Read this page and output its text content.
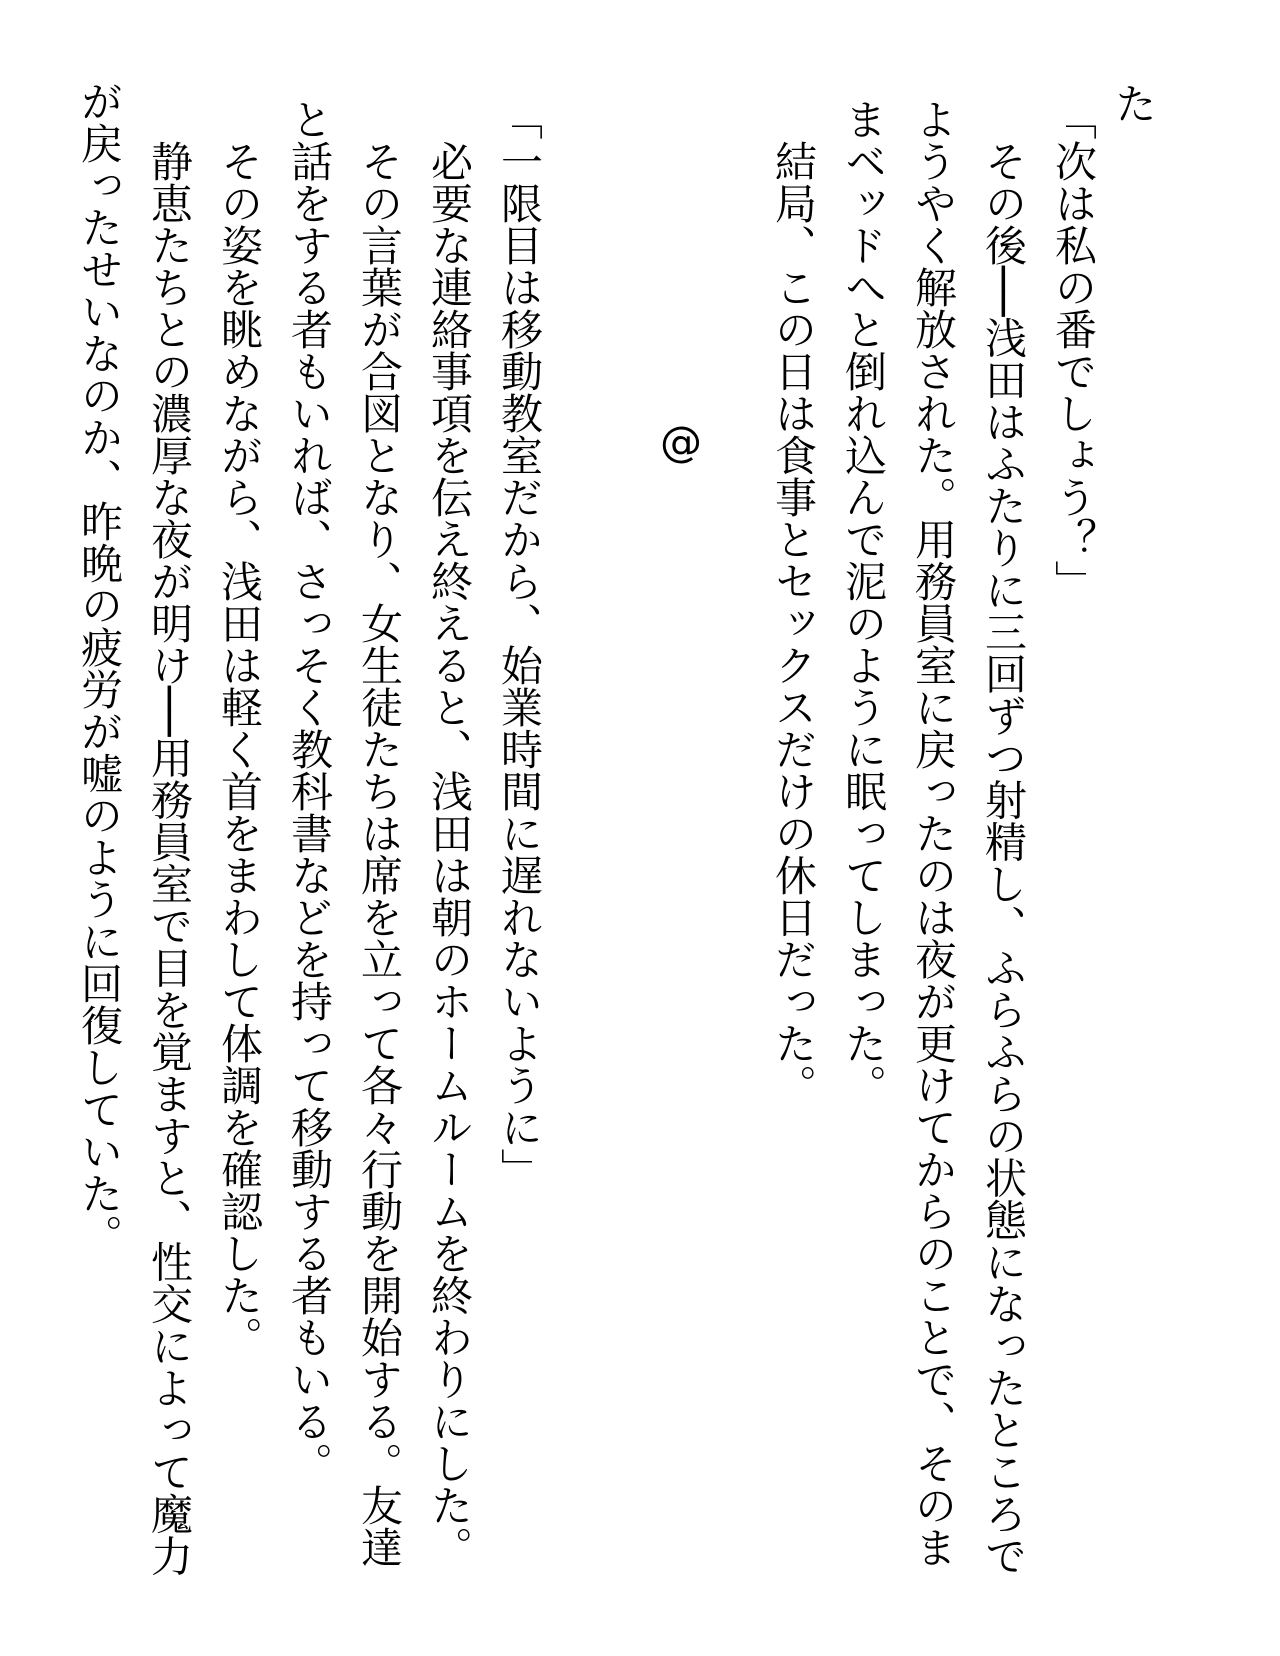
た
「次は私の番でしょう？」
　その後──浅田はふたりに三回ずつ射精し、ふらふらの状態になったところで
ようやく解放された。用務員室に戻ったのは夜が更けてからのことで、そのま
まベッドへと倒れ込んで泥のように眠ってしまった。
　結局、この日は食事とセックスだけの休日だった。
@
「一限目は移動教室だから、始業時間に遅れないように」
　必要な連絡事項を伝え終えると、浅田は朝のホームルームを終わりにした。
　その言葉が合図となり、女生徒たちは席を立って各々行動を開始する。友達
と話をする者もいれば、さっそく教科書などを持って移動する者もいる。
　その姿を眺めながら、浅田は軽く首をまわして体調を確認した。
　静恵たちとの濃厚な夜が明け──用務員室で目を覚ますと、性交によって魔力
が戻ったせいなのか、昨晩の疲労が嘘のように回復していた。
